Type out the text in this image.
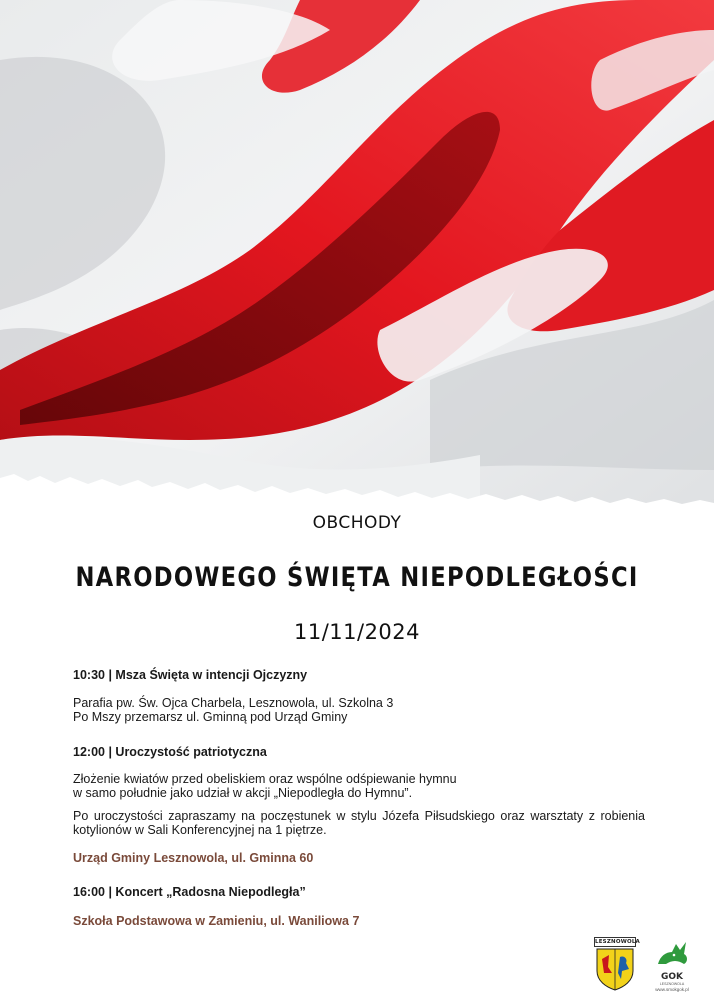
OBCHODY
NARODOWEGO ŚWIĘTA NIEPODLEGŁOŚCI
11/11/2024
10:30 | Msza Święta w intencji Ojczyzny
Parafia pw. Św. Ojca Charbela, Lesznowola, ul. Szkolna 3
Po Mszy przemarsz ul. Gminną pod Urząd Gminy
12:00 | Uroczystość patriotyczna
Złożenie kwiatów przed obeliskiem oraz wspólne odśpiewanie hymnu
w samo południe jako udział w akcji „Niepodległa do Hymnu”.
Po uroczystości zapraszamy na poczęstunek w stylu Józefa Piłsudskiego oraz warsztaty z robienia kotylionów w Sali Konferencyjnej na 1 piętrze.
Urząd Gminy Lesznowola, ul. Gminna 60
16:00 | Koncert „Radosna Niepodległa”
Szkoła Podstawowa w Zamieniu, ul. Waniliowa 7
LESZNOWOLA
GOK
LESZNOWOLA
www.smokgok.pl
